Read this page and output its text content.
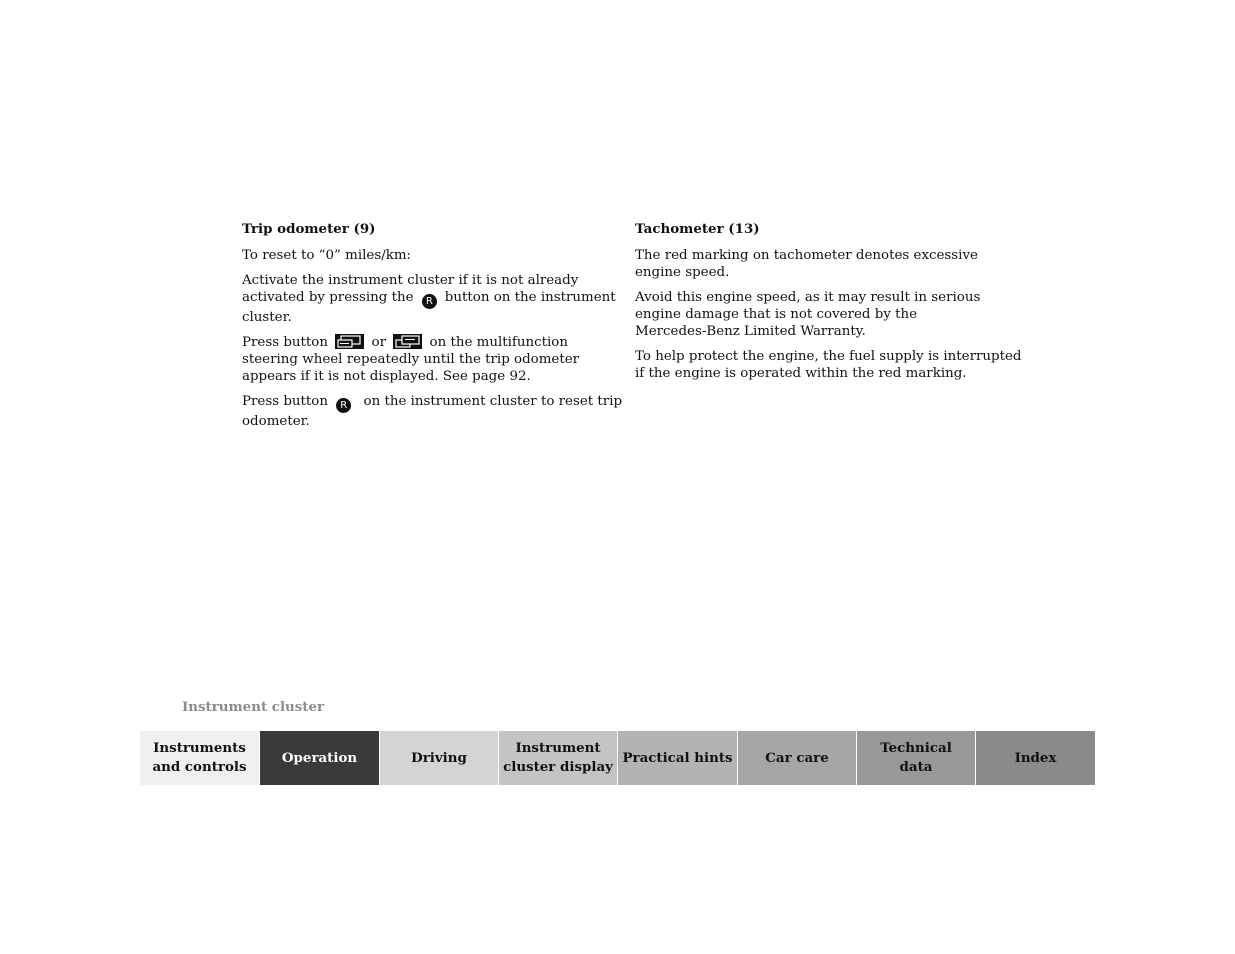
Trip odometer (9)

To reset to “0” miles/km:

Activate the instrument cluster if it is not already
activated by pressing the R button on the instrument
cluster.

Press button	or	on the multifunction
steering wheel repeatedly until the trip odometer
appears if it is not displayed. See page 92.

Press button R on the instrument cluster to reset trip
odometer.

Tachometer (13)

The red marking on tachometer denotes excessive
engine speed.

Avoid this engine speed, as it may result in serious
engine damage that is not covered by the
Mercedes-Benz Limited Warranty.

To help protect the engine, the fuel supply is interrupted
if the engine is operated within the red marking.

Instrument cluster
Instruments
and controls
Operation	Driving
Instrument
cluster display
Practical hints Car care
Technical
data
Index
